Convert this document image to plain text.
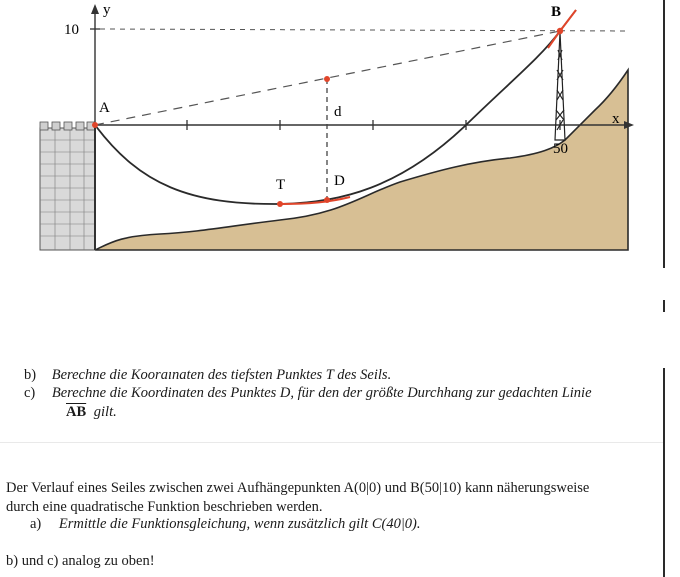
y
10
A
B
d
T	D
50
x
b) Berechne die Kooraınaten des tiefsten Punktes T des Seils.
c) Berechne die Koordinaten des Punktes D, für den der größte Durchhang zur gedachten Linie
$\overline{AB}$ gilt.
Der Verlauf eines Seiles zwischen zwei Aufhängepunkten A(0|0) und B(50|10) kann näherungsweise
durch eine quadratische Funktion beschrieben werden.
a) Ermittle die Funktionsgleichung, wenn zusätzlich gilt C(40|0).
b) und c) analog zu oben!
